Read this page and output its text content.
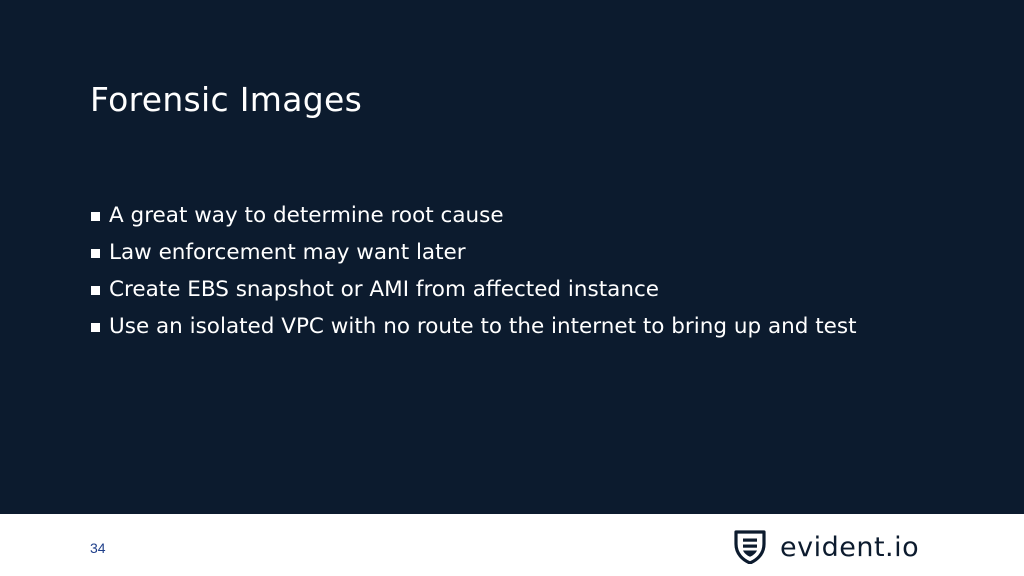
Forensic Images
A great way to determine root cause
Law enforcement may want later
Create EBS snapshot or AMI from affected instance
Use an isolated VPC with no route to the internet to bring up and test
34	evident.io
